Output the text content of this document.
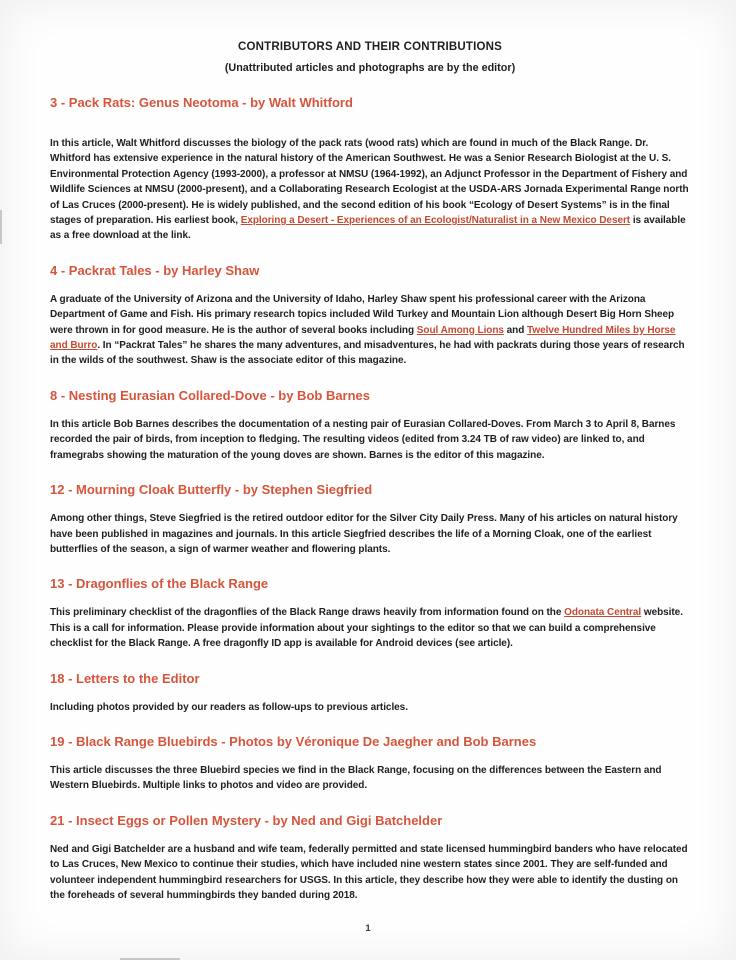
CONTRIBUTORS AND THEIR CONTRIBUTIONS
(Unattributed articles and photographs are by the editor)
3 - Pack Rats: Genus Neotoma - by Walt Whitford

In this article, Walt Whitford discusses the biology of the pack rats (wood rats) which are found in much of the Black Range. Dr. Whitford has extensive experience in the natural history of the American Southwest. He was a Senior Research Biologist at the U. S. Environmental Protection Agency (1993-2000), a professor at NMSU (1964-1992), an Adjunct Professor in the Department of Fishery and Wildlife Sciences at NMSU (2000-present), and a Collaborating Research Ecologist at the USDA-ARS Jornada Experimental Range north of Las Cruces (2000-present). He is widely published, and the second edition of his book “Ecology of Desert Systems” is in the final stages of preparation. His earliest book, Exploring a Desert - Experiences of an Ecologist/Naturalist in a New Mexico Desert is available as a free download at the link.

4 - Packrat Tales - by Harley Shaw

A graduate of the University of Arizona and the University of Idaho, Harley Shaw spent his professional career with the Arizona Department of Game and Fish. His primary research topics included Wild Turkey and Mountain Lion although Desert Big Horn Sheep were thrown in for good measure. He is the author of several books including Soul Among Lions and Twelve Hundred Miles by Horse and Burro. In “Packrat Tales” he shares the many adventures, and misadventures, he had with packrats during those years of research in the wilds of the southwest. Shaw is the associate editor of this magazine.

8 - Nesting Eurasian Collared-Dove - by Bob Barnes

In this article Bob Barnes describes the documentation of a nesting pair of Eurasian Collared-Doves. From March 3 to April 8, Barnes recorded the pair of birds, from inception to fledging. The resulting videos (edited from 3.24 TB of raw video) are linked to, and framegrabs showing the maturation of the young doves are shown. Barnes is the editor of this magazine.

12 - Mourning Cloak Butterfly - by Stephen Siegfried

Among other things, Steve Siegfried is the retired outdoor editor for the Silver City Daily Press. Many of his articles on natural history have been published in magazines and journals. In this article Siegfried describes the life of a Morning Cloak, one of the earliest butterflies of the season, a sign of warmer weather and flowering plants.

13 - Dragonflies of the Black Range

This preliminary checklist of the dragonflies of the Black Range draws heavily from information found on the Odonata Central website. This is a call for information. Please provide information about your sightings to the editor so that we can build a comprehensive checklist for the Black Range. A free dragonfly ID app is available for Android devices (see article).

18 - Letters to the Editor

Including photos provided by our readers as follow-ups to previous articles.

19 - Black Range Bluebirds - Photos by Véronique De Jaegher and Bob Barnes

This article discusses the three Bluebird species we find in the Black Range, focusing on the differences between the Eastern and Western Bluebirds. Multiple links to photos and video are provided.

21 - Insect Eggs or Pollen Mystery - by Ned and Gigi Batchelder

Ned and Gigi Batchelder are a husband and wife team, federally permitted and state licensed hummingbird banders who have relocated to Las Cruces, New Mexico to continue their studies, which have included nine western states since 2001. They are self-funded and volunteer independent hummingbird researchers for USGS. In this article, they describe how they were able to identify the dusting on the foreheads of several hummingbirds they banded during 2018.

1
